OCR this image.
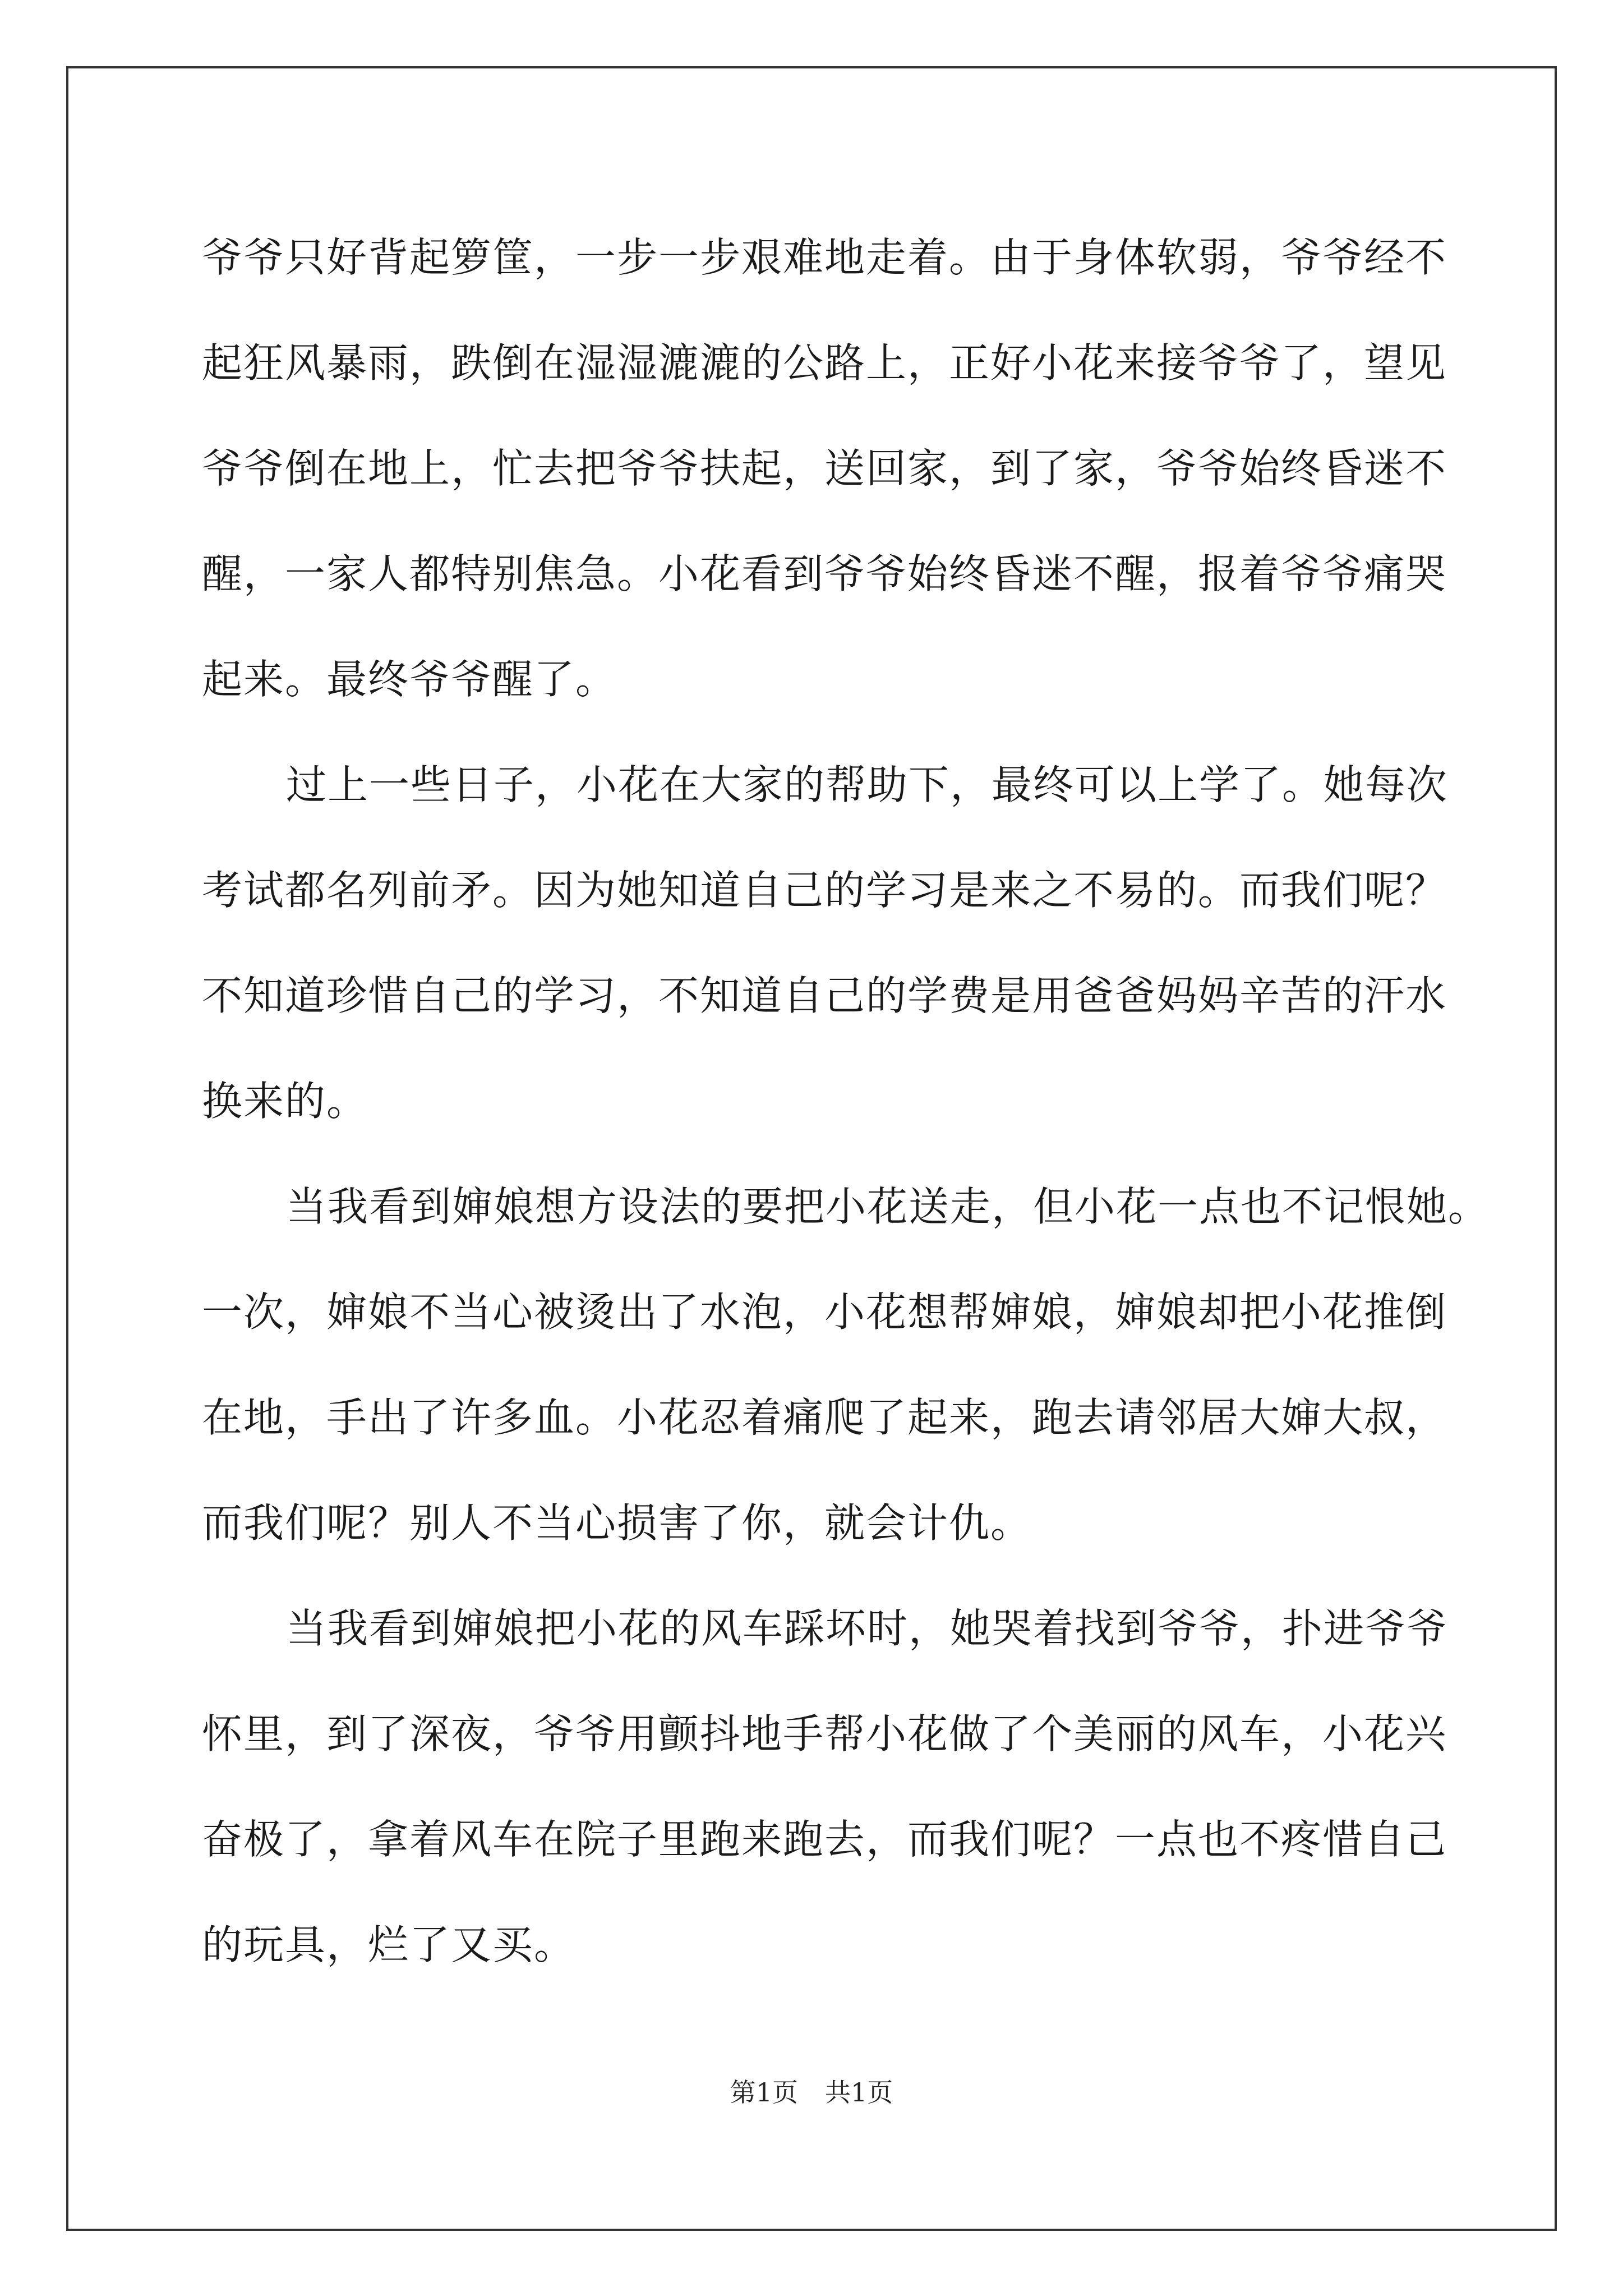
爷爷只好背起箩筐，一步一步艰难地走着。由于身体软弱，爷爷经不
起狂风暴雨，跌倒在湿湿漉漉的公路上，正好小花来接爷爷了，望见
爷爷倒在地上，忙去把爷爷扶起，送回家，到了家，爷爷始终昏迷不
醒，一家人都特别焦急。小花看到爷爷始终昏迷不醒，报着爷爷痛哭
起来。最终爷爷醒了。
过上一些日子，小花在大家的帮助下，最终可以上学了。她每次
考试都名列前矛。因为她知道自己的学习是来之不易的。而我们呢？
不知道珍惜自己的学习，不知道自己的学费是用爸爸妈妈辛苦的汗水
换来的。
当我看到婶娘想方设法的要把小花送走，但小花一点也不记恨她。
一次，婶娘不当心被烫出了水泡，小花想帮婶娘，婶娘却把小花推倒
在地，手出了许多血。小花忍着痛爬了起来，跑去请邻居大婶大叔，
而我们呢？别人不当心损害了你，就会计仇。
当我看到婶娘把小花的风车踩坏时，她哭着找到爷爷，扑进爷爷
怀里，到了深夜，爷爷用颤抖地手帮小花做了个美丽的风车，小花兴
奋极了，拿着风车在院子里跑来跑去，而我们呢？一点也不疼惜自己
的玩具，烂了又买。
第1页 共1页
